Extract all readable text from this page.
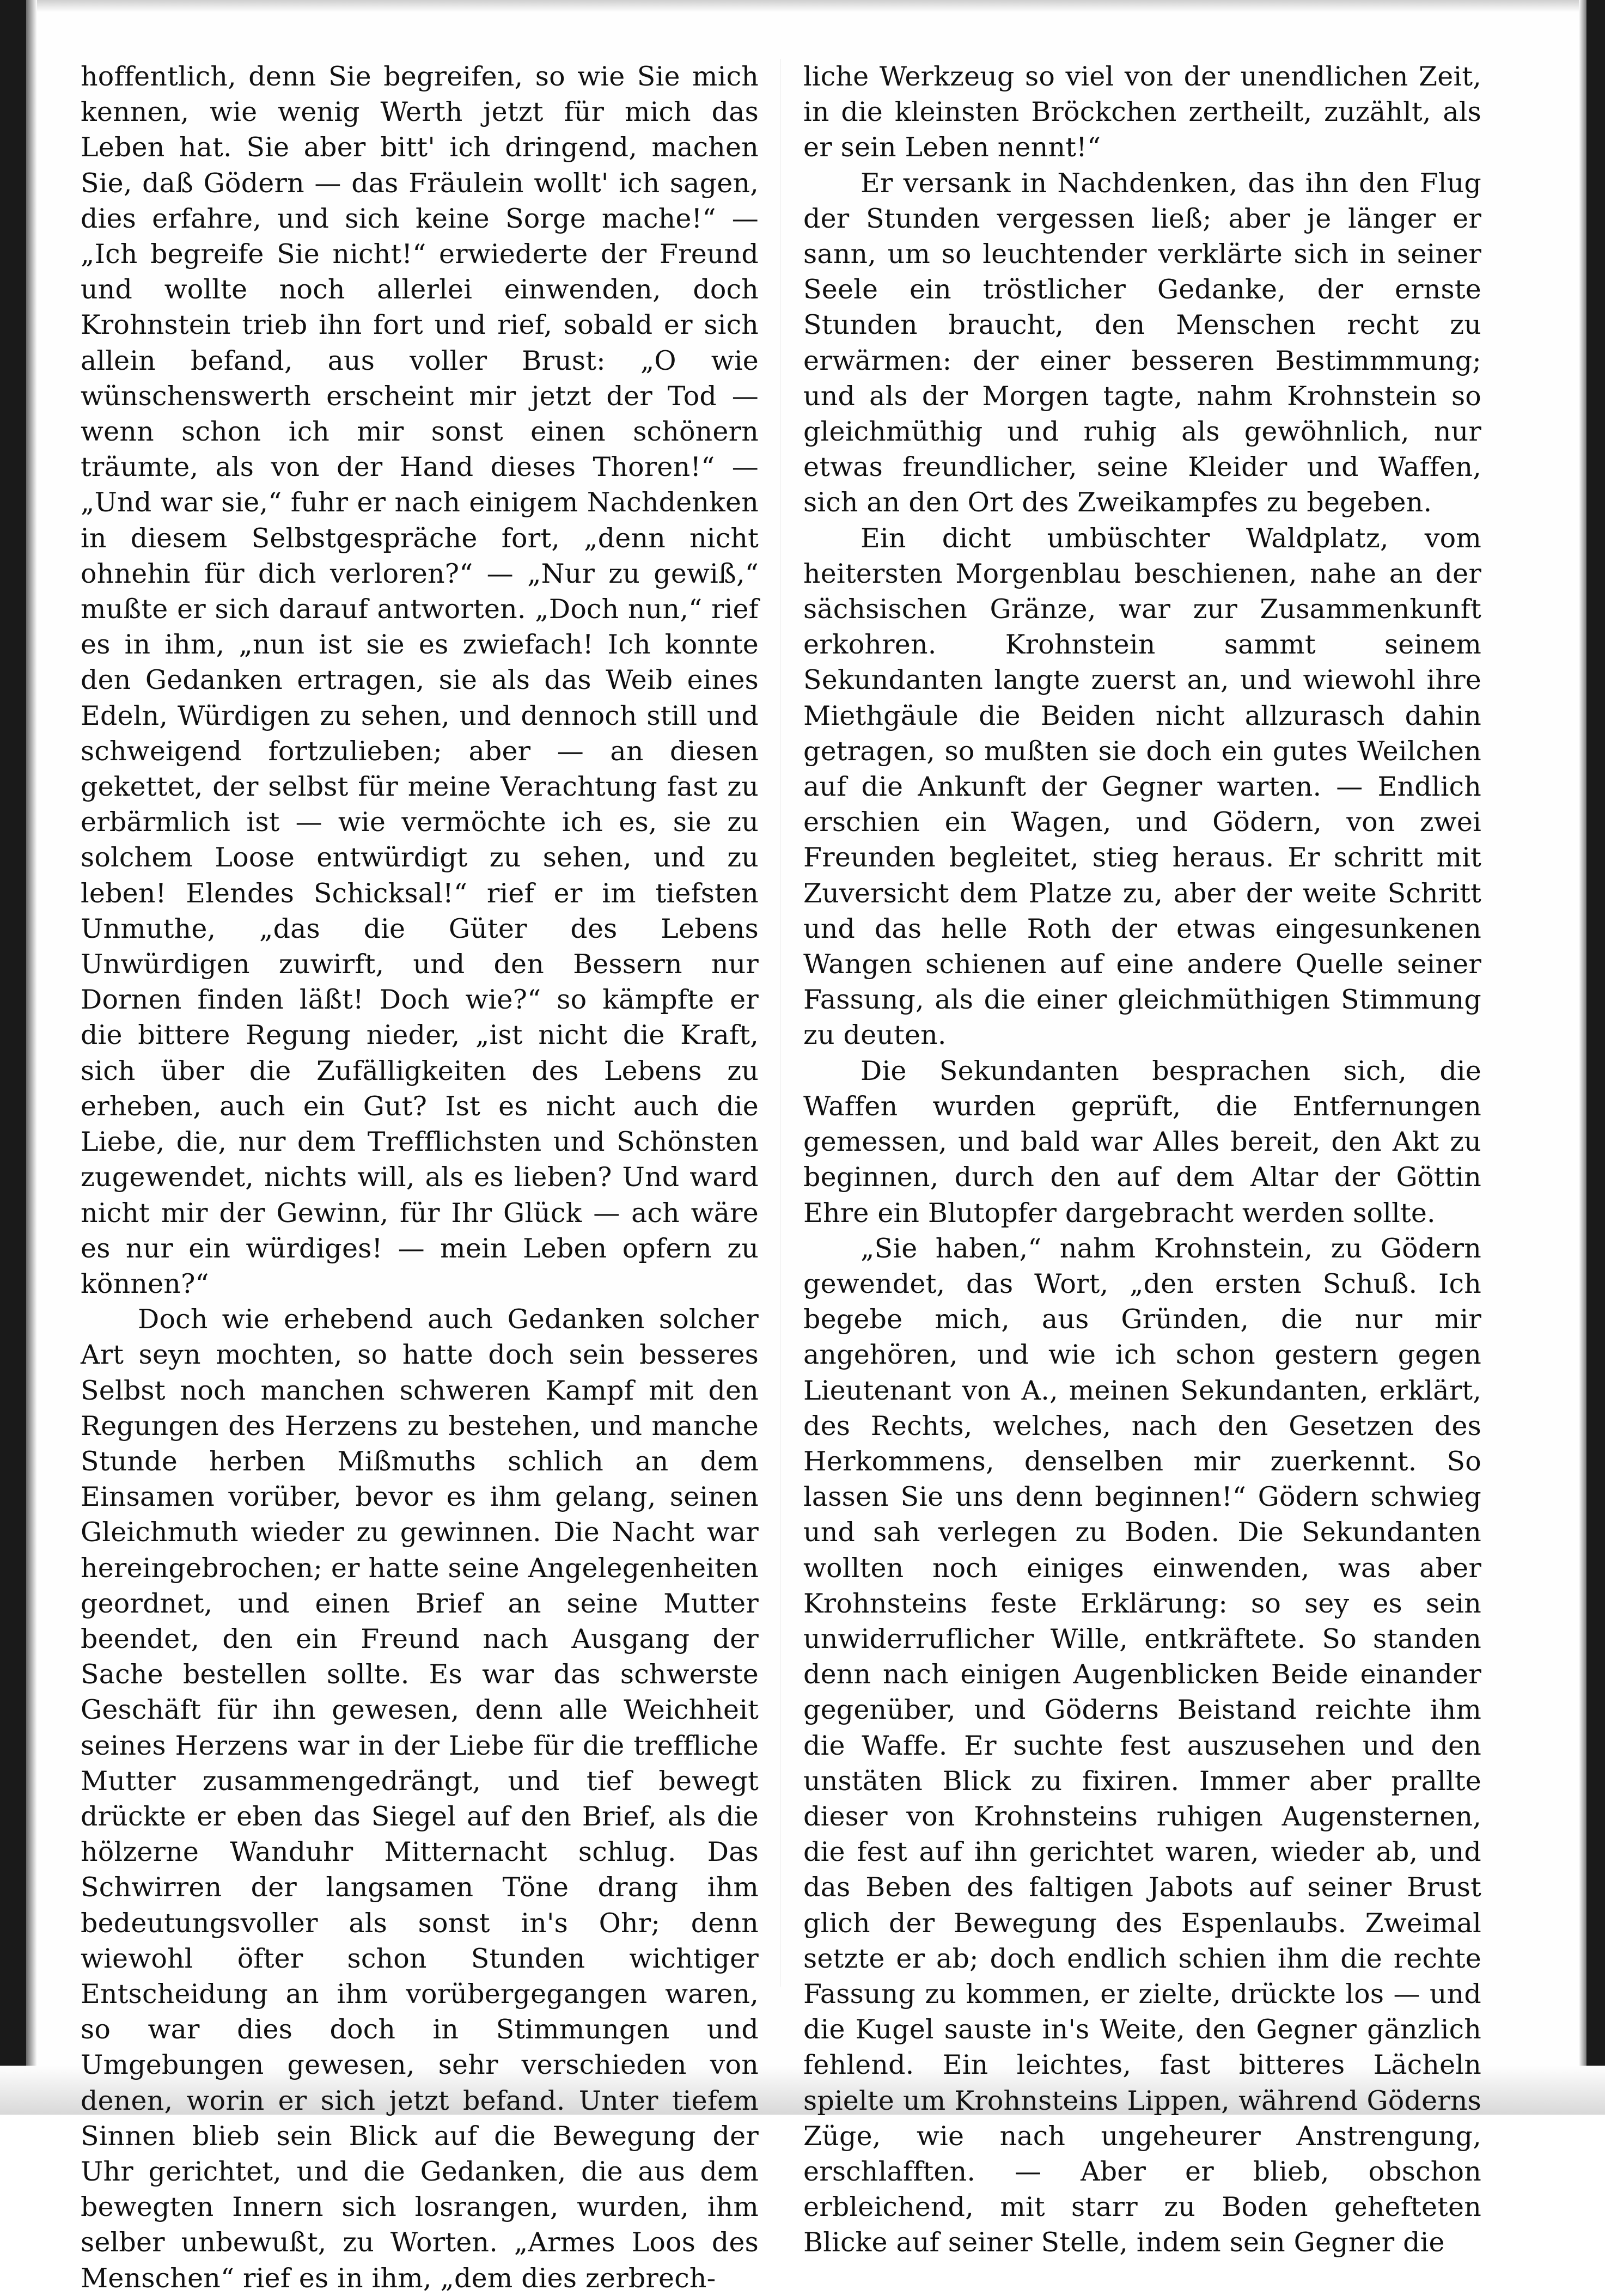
hoffentlich, denn Sie begreifen, so wie Sie mich kennen, wie wenig Werth jetzt für mich das Leben hat. Sie aber bitt' ich dringend, machen Sie, daß Gödern — das Fräulein wollt' ich sagen, dies erfahre, und sich keine Sorge mache!“ — „Ich begreife Sie nicht!“ erwiederte der Freund und wollte noch allerlei einwenden, doch Krohnstein trieb ihn fort und rief, sobald er sich allein befand, aus voller Brust: „O wie wünschenswerth erscheint mir jetzt der Tod — wenn schon ich mir sonst einen schönern träumte, als von der Hand dieses Thoren!“ — „Und war sie,“ fuhr er nach einigem Nachdenken in diesem Selbstgespräche fort, „denn nicht ohnehin für dich verloren?“ — „Nur zu gewiß,“ mußte er sich darauf antworten. „Doch nun,“ rief es in ihm, „nun ist sie es zwiefach! Ich konnte den Gedanken ertragen, sie als das Weib eines Edeln, Würdigen zu sehen, und dennoch still und schweigend fortzulieben; aber — an diesen gekettet, der selbst für meine Verachtung fast zu erbärmlich ist — wie vermöchte ich es, sie zu solchem Loose entwürdigt zu sehen, und zu leben! Elendes Schicksal!“ rief er im tiefsten Unmuthe, „das die Güter des Lebens Unwürdigen zuwirft, und den Bessern nur Dornen finden läßt! Doch wie?“ so kämpfte er die bittere Regung nieder, „ist nicht die Kraft, sich über die Zufälligkeiten des Lebens zu erheben, auch ein Gut? Ist es nicht auch die Liebe, die, nur dem Trefflichsten und Schönsten zugewendet, nichts will, als es lieben? Und ward nicht mir der Gewinn, für Ihr Glück — ach wäre es nur ein würdiges! — mein Leben opfern zu können?“

Doch wie erhebend auch Gedanken solcher Art seyn mochten, so hatte doch sein besseres Selbst noch manchen schweren Kampf mit den Regungen des Herzens zu bestehen, und manche Stunde herben Mißmuths schlich an dem Einsamen vorüber, bevor es ihm gelang, seinen Gleichmuth wieder zu gewinnen. Die Nacht war hereingebrochen; er hatte seine Angelegenheiten geordnet, und einen Brief an seine Mutter beendet, den ein Freund nach Ausgang der Sache bestellen sollte. Es war das schwerste Geschäft für ihn gewesen, denn alle Weichheit seines Herzens war in der Liebe für die treffliche Mutter zusammengedrängt, und tief bewegt drückte er eben das Siegel auf den Brief, als die hölzerne Wanduhr Mitternacht schlug. Das Schwirren der langsamen Töne drang ihm bedeutungsvoller als sonst in's Ohr; denn wiewohl öfter schon Stunden wichtiger Entscheidung an ihm vorübergegangen waren, so war dies doch in Stimmungen und Umgebungen gewesen, sehr verschieden von denen, worin er sich jetzt befand. Unter tiefem Sinnen blieb sein Blick auf die Bewegung der Uhr gerichtet, und die Gedanken, die aus dem bewegten Innern sich losrangen, wurden, ihm selber unbewußt, zu Worten. „Armes Loos des Menschen“ rief es in ihm, „dem dies zerbrech-

liche Werkzeug so viel von der unendlichen Zeit, in die kleinsten Bröckchen zertheilt, zuzählt, als er sein Leben nennt!“

Er versank in Nachdenken, das ihn den Flug der Stunden vergessen ließ; aber je länger er sann, um so leuchtender verklärte sich in seiner Seele ein tröstlicher Gedanke, der ernste Stunden braucht, den Menschen recht zu erwärmen: der einer besseren Bestimmmung; und als der Morgen tagte, nahm Krohnstein so gleichmüthig und ruhig als gewöhnlich, nur etwas freundlicher, seine Kleider und Waffen, sich an den Ort des Zweikampfes zu begeben.

Ein dicht umbüschter Waldplatz, vom heitersten Morgenblau beschienen, nahe an der sächsischen Gränze, war zur Zusammenkunft erkohren. Krohnstein sammt seinem Sekundanten langte zuerst an, und wiewohl ihre Miethgäule die Beiden nicht allzurasch dahin getragen, so mußten sie doch ein gutes Weilchen auf die Ankunft der Gegner warten. — Endlich erschien ein Wagen, und Gödern, von zwei Freunden begleitet, stieg heraus. Er schritt mit Zuversicht dem Platze zu, aber der weite Schritt und das helle Roth der etwas eingesunkenen Wangen schienen auf eine andere Quelle seiner Fassung, als die einer gleichmüthigen Stimmung zu deuten.

Die Sekundanten besprachen sich, die Waffen wurden geprüft, die Entfernungen gemessen, und bald war Alles bereit, den Akt zu beginnen, durch den auf dem Altar der Göttin Ehre ein Blutopfer dargebracht werden sollte.

„Sie haben,“ nahm Krohnstein, zu Gödern gewendet, das Wort, „den ersten Schuß. Ich begebe mich, aus Gründen, die nur mir angehören, und wie ich schon gestern gegen Lieutenant von A., meinen Sekundanten, erklärt, des Rechts, welches, nach den Gesetzen des Herkommens, denselben mir zuerkennt. So lassen Sie uns denn beginnen!“ Gödern schwieg und sah verlegen zu Boden. Die Sekundanten wollten noch einiges einwenden, was aber Krohnsteins feste Erklärung: so sey es sein unwiderruflicher Wille, entkräftete. So standen denn nach einigen Augenblicken Beide einander gegenüber, und Göderns Beistand reichte ihm die Waffe. Er suchte fest auszusehen und den unstäten Blick zu fixiren. Immer aber prallte dieser von Krohnsteins ruhigen Augensternen, die fest auf ihn gerichtet waren, wieder ab, und das Beben des faltigen Jabots auf seiner Brust glich der Bewegung des Espenlaubs. Zweimal setzte er ab; doch endlich schien ihm die rechte Fassung zu kommen, er zielte, drückte los — und die Kugel sauste in's Weite, den Gegner gänzlich fehlend. Ein leichtes, fast bitteres Lächeln spielte um Krohnsteins Lippen, während Göderns Züge, wie nach ungeheurer Anstrengung, erschlafften. — Aber er blieb, obschon erbleichend, mit starr zu Boden gehefteten Blicke auf seiner Stelle, indem sein Gegner die
